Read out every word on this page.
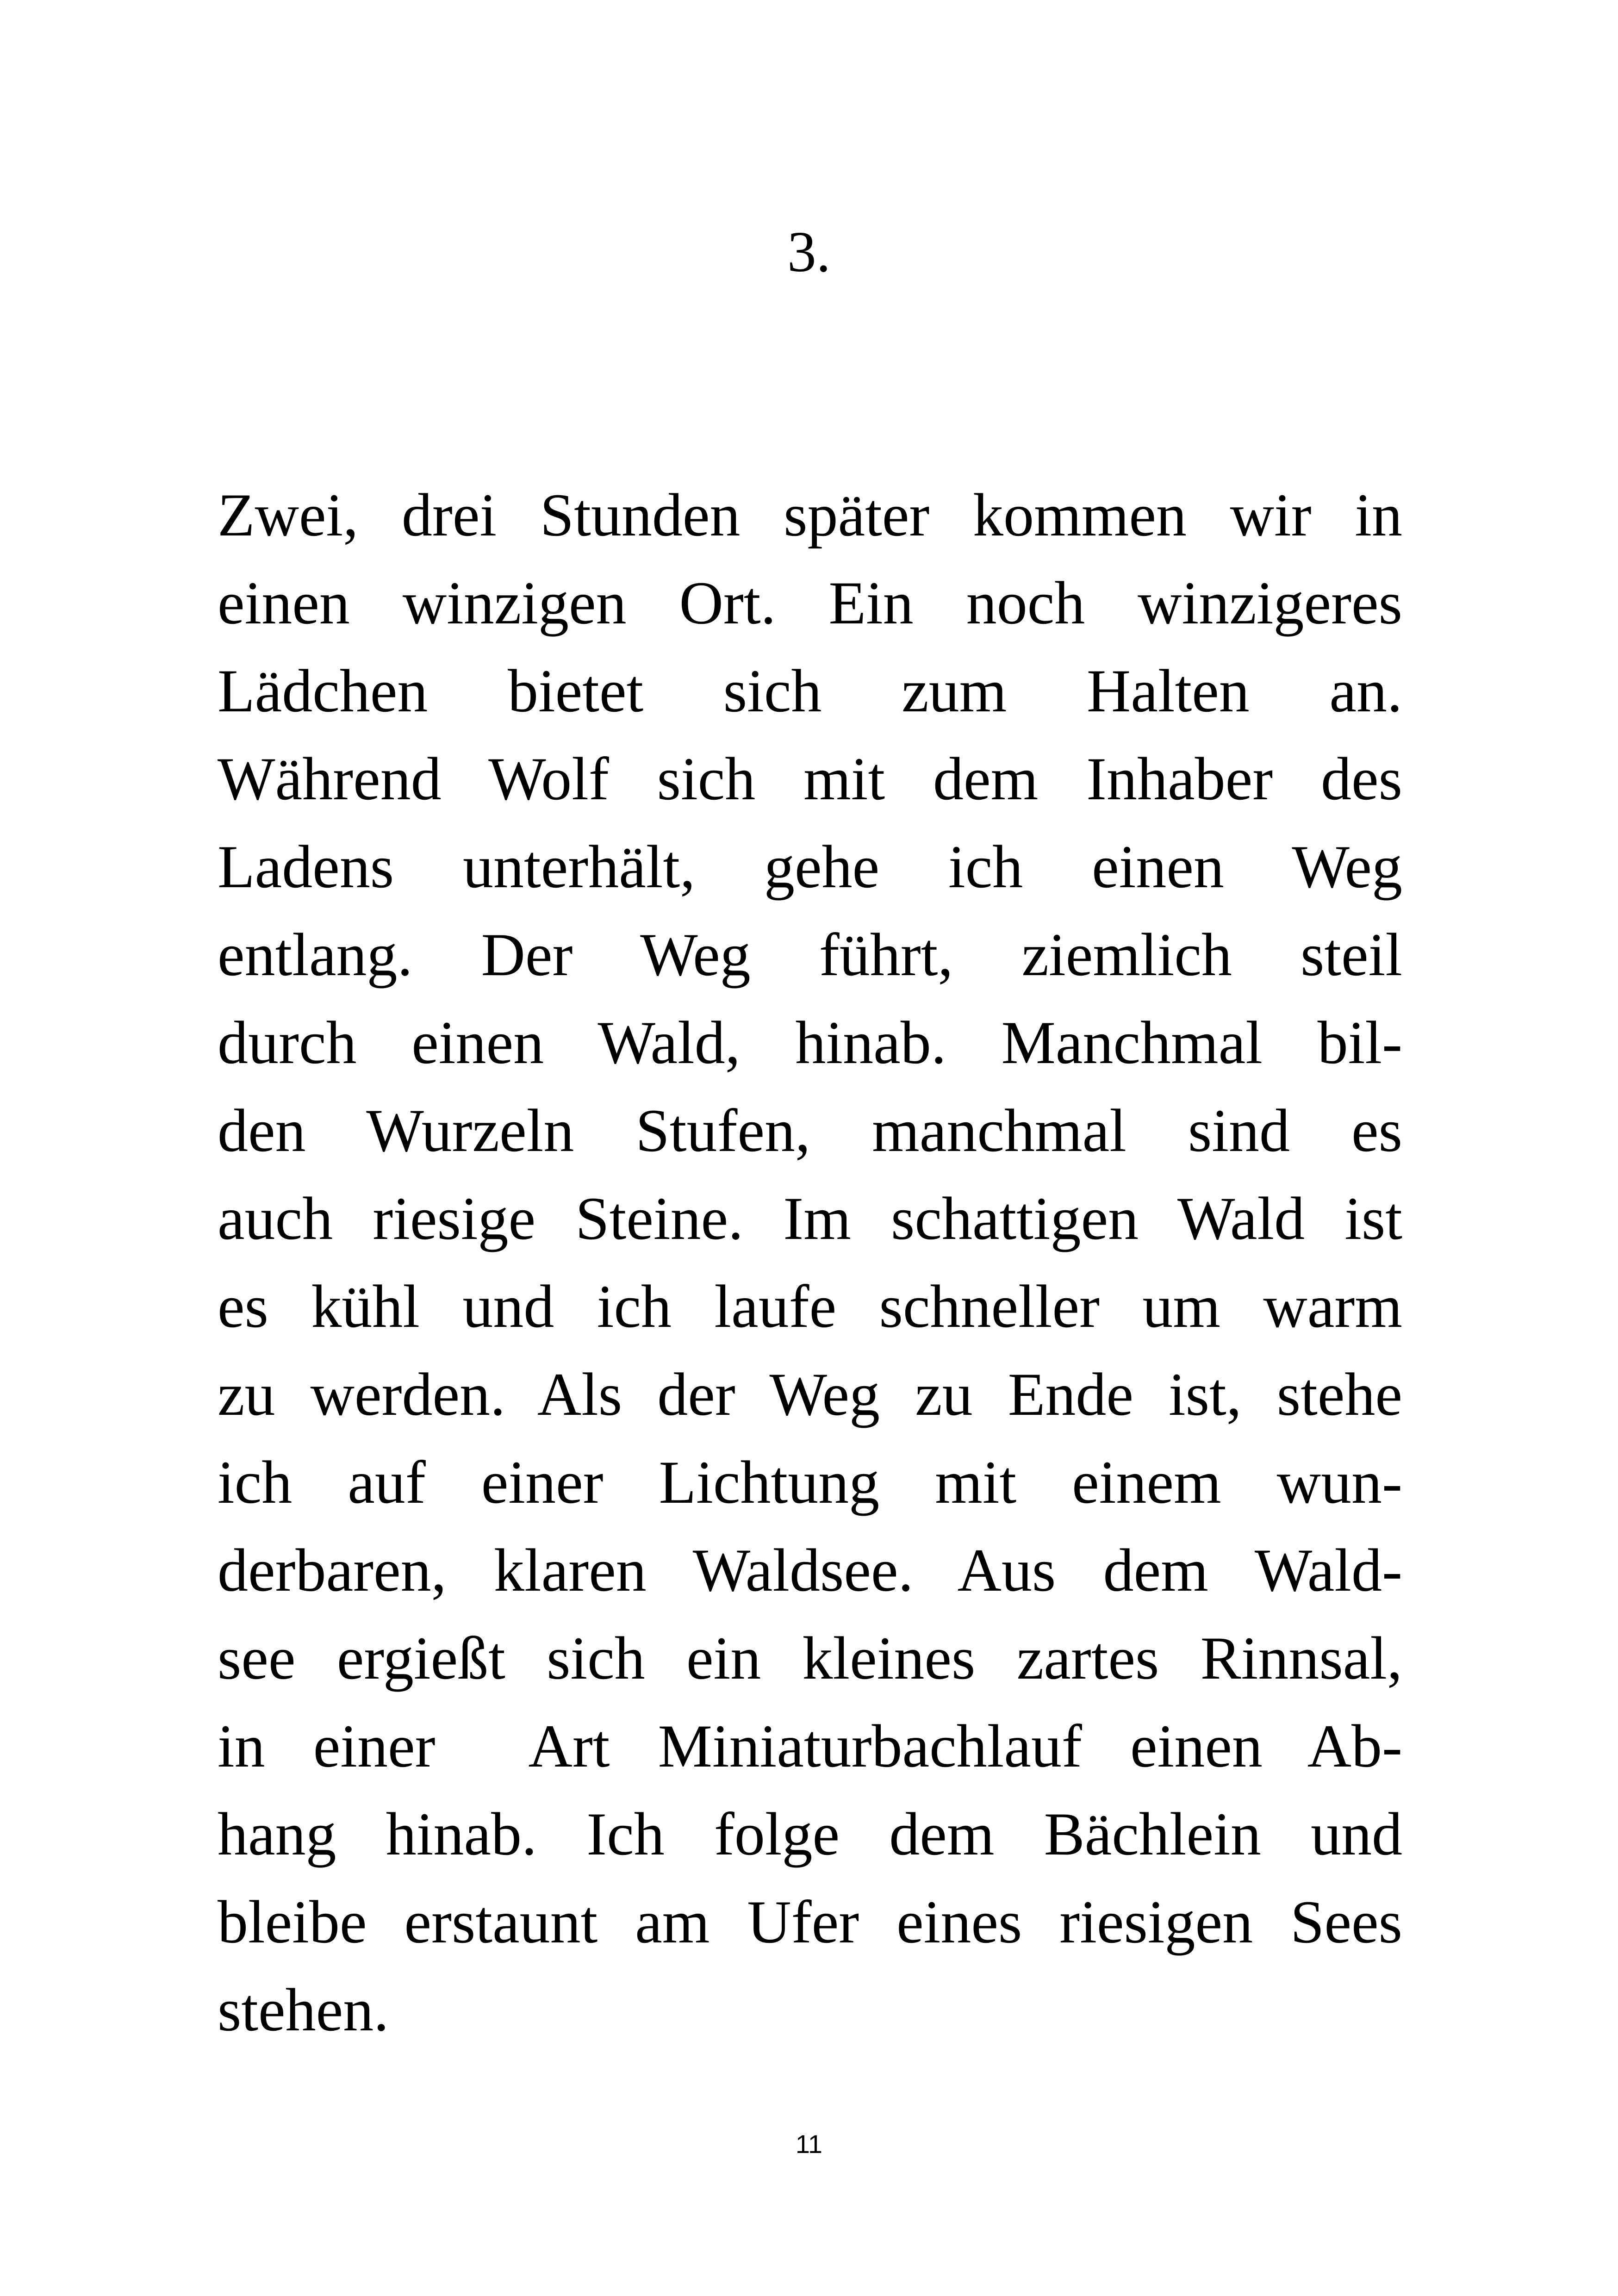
3.
Zwei, drei Stunden später kommen wir in
einen winzigen Ort. Ein noch winzigeres
Lädchen bietet sich zum Halten an.
Während Wolf sich mit dem Inhaber des
Ladens unterhält, gehe ich einen Weg
entlang. Der Weg führt, ziemlich steil
durch einen Wald, hinab. Manchmal bil-
den Wurzeln Stufen, manchmal sind es
auch riesige Steine. Im schattigen Wald ist
es kühl und ich laufe schneller um warm
zu werden. Als der Weg zu Ende ist, stehe
ich auf einer Lichtung mit einem wun-
derbaren, klaren Waldsee. Aus dem Wald-
see ergießt sich ein kleines zartes Rinnsal,
in einer  Art Miniaturbachlauf einen Ab-
hang hinab. Ich folge dem Bächlein und
bleibe erstaunt am Ufer eines riesigen Sees
stehen.
11
